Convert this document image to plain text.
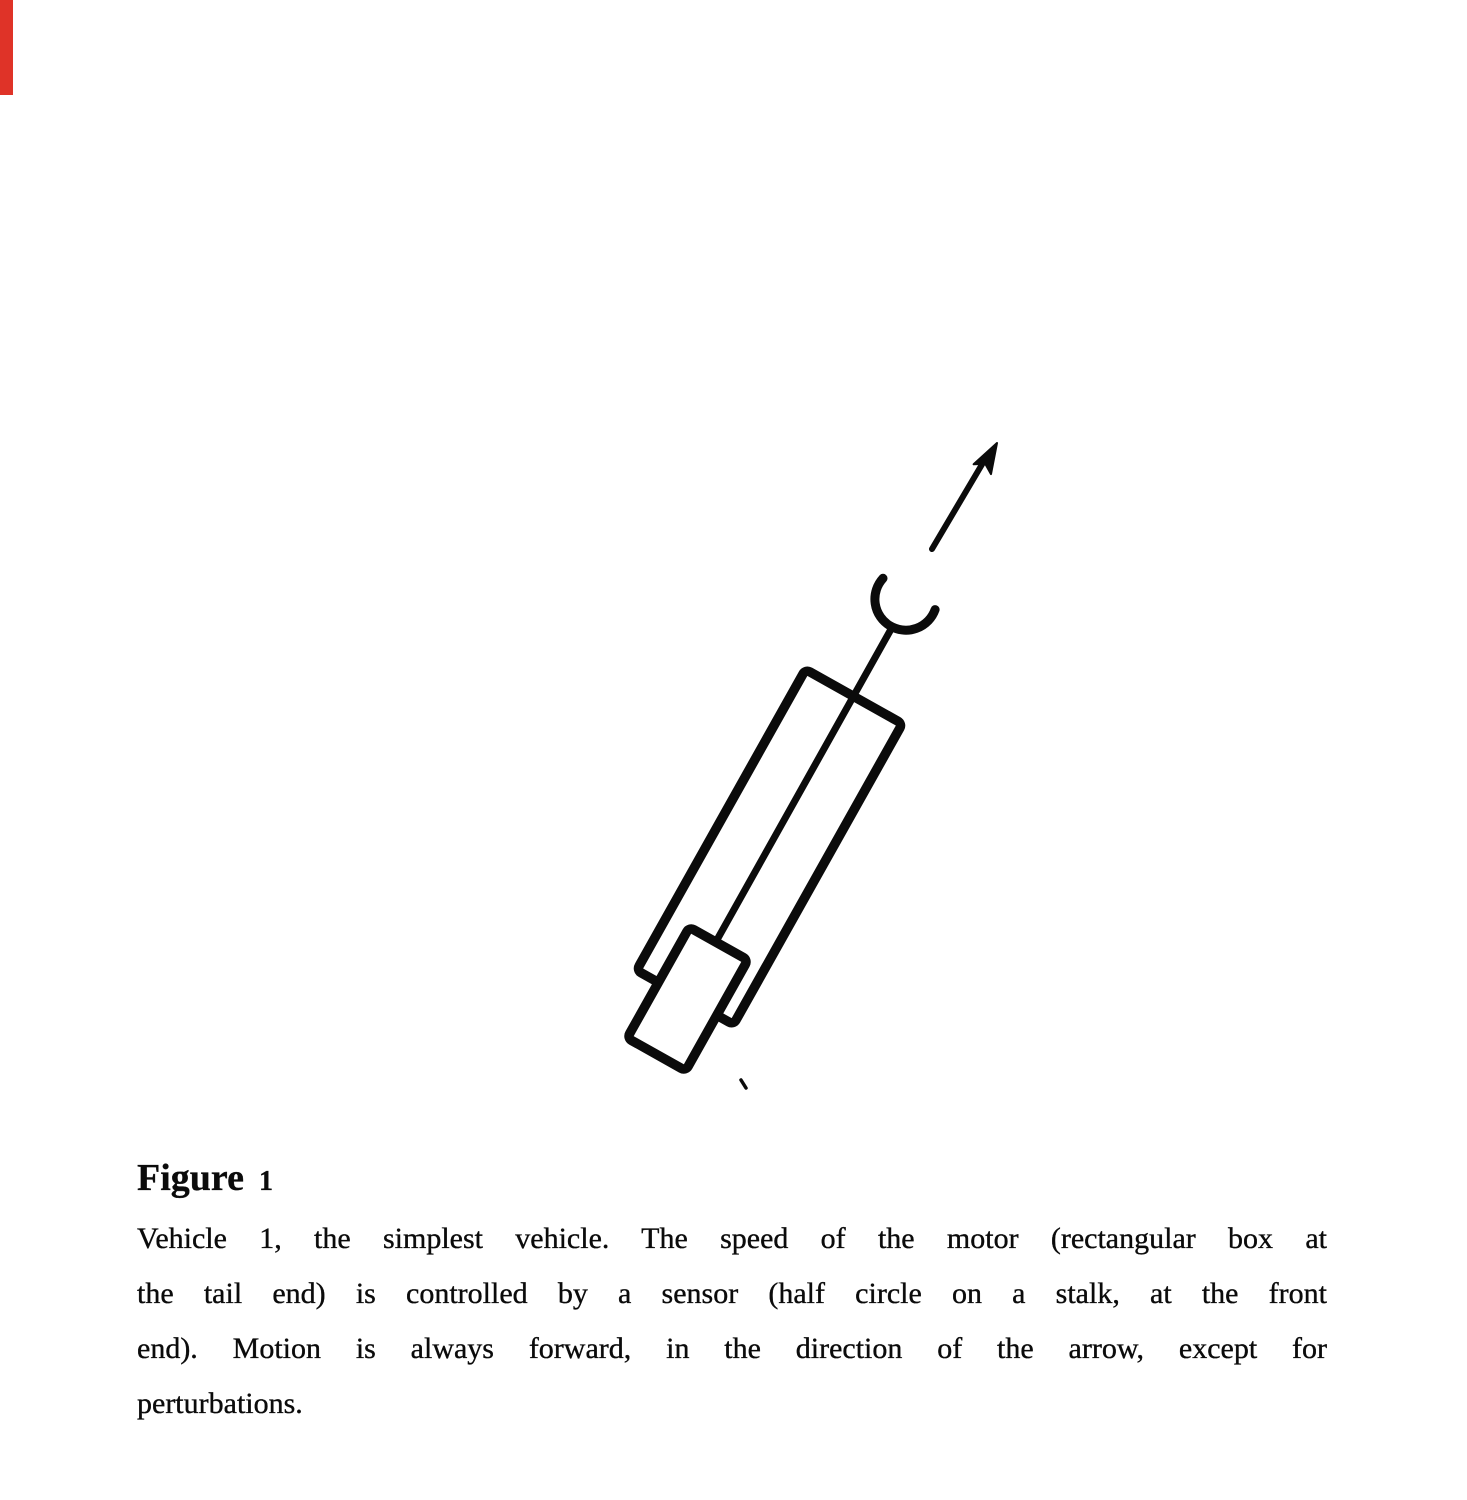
Figure 1
Vehicle 1, the simplest vehicle. The speed of the motor (rectangular box at
the tail end) is controlled by a sensor (half circle on a stalk, at the front
end). Motion is always forward, in the direction of the arrow, except for
perturbations.
